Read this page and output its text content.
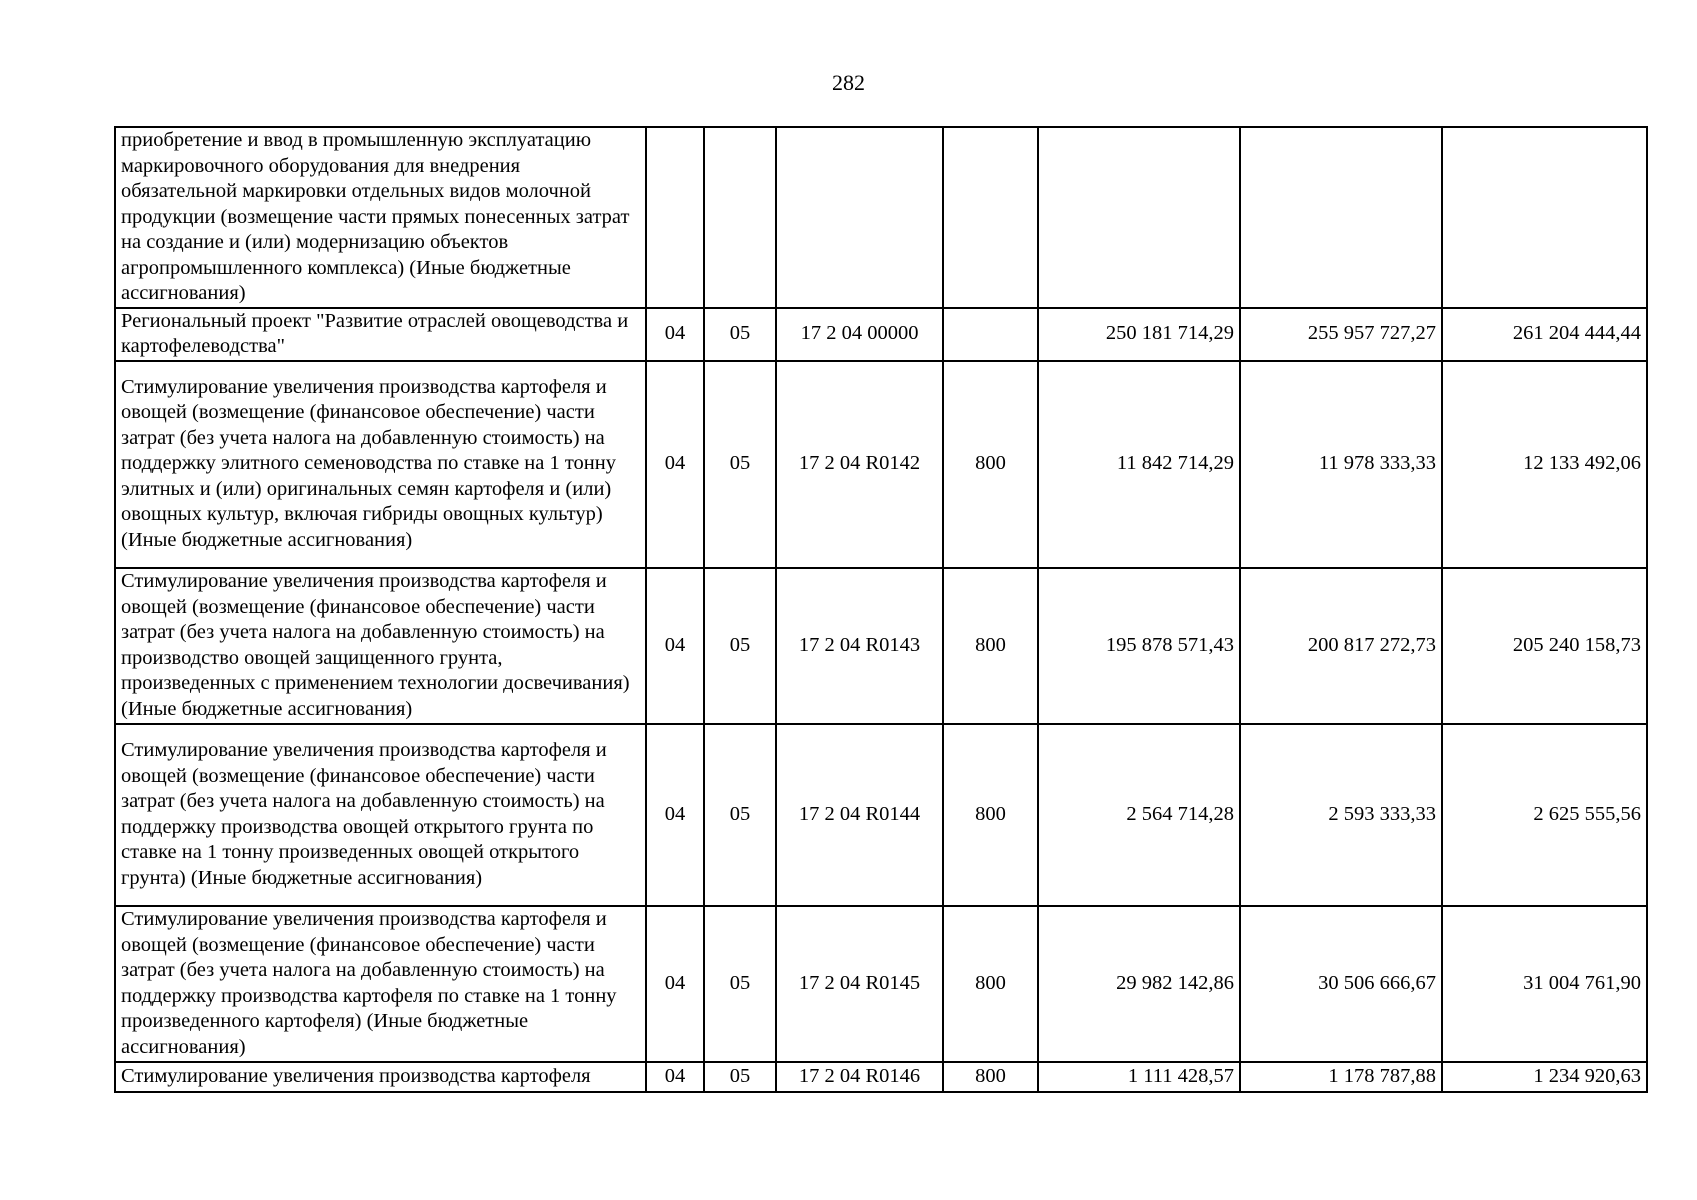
282
приобретение и ввод в промышленную эксплуатацию маркировочного оборудования для внедрения обязательной маркировки отдельных видов молочной продукции (возмещение части прямых понесенных затрат на создание и (или) модернизацию объектов агропромышленного комплекса) (Иные бюджетные ассигнования)							
Региональный проект "Развитие отраслей овощеводства и картофелеводства"	04	05	17 2 04 00000		250 181 714,29	255 957 727,27	261 204 444,44
Стимулирование увеличения производства картофеля и овощей (возмещение (финансовое обеспечение) части затрат (без учета налога на добавленную стоимость) на поддержку элитного семеноводства по ставке на 1 тонну элитных и (или) оригинальных семян картофеля и (или) овощных культур, включая гибриды овощных культур) (Иные бюджетные ассигнования)	04	05	17 2 04 R0142	800	11 842 714,29	11 978 333,33	12 133 492,06
Стимулирование увеличения производства картофеля и овощей (возмещение (финансовое обеспечение) части затрат (без учета налога на добавленную стоимость) на производство овощей защищенного грунта, произведенных с применением технологии досвечивания) (Иные бюджетные ассигнования)	04	05	17 2 04 R0143	800	195 878 571,43	200 817 272,73	205 240 158,73
Стимулирование увеличения производства картофеля и овощей (возмещение (финансовое обеспечение) части затрат (без учета налога на добавленную стоимость) на поддержку производства овощей открытого грунта по ставке на 1 тонну произведенных овощей открытого грунта) (Иные бюджетные ассигнования)	04	05	17 2 04 R0144	800	2 564 714,28	2 593 333,33	2 625 555,56
Стимулирование увеличения производства картофеля и овощей (возмещение (финансовое обеспечение) части затрат (без учета налога на добавленную стоимость) на поддержку производства картофеля по ставке на 1 тонну произведенного картофеля) (Иные бюджетные ассигнования)	04	05	17 2 04 R0145	800	29 982 142,86	30 506 666,67	31 004 761,90
Стимулирование увеличения производства картофеля	04	05	17 2 04 R0146	800	1 111 428,57	1 178 787,88	1 234 920,63
